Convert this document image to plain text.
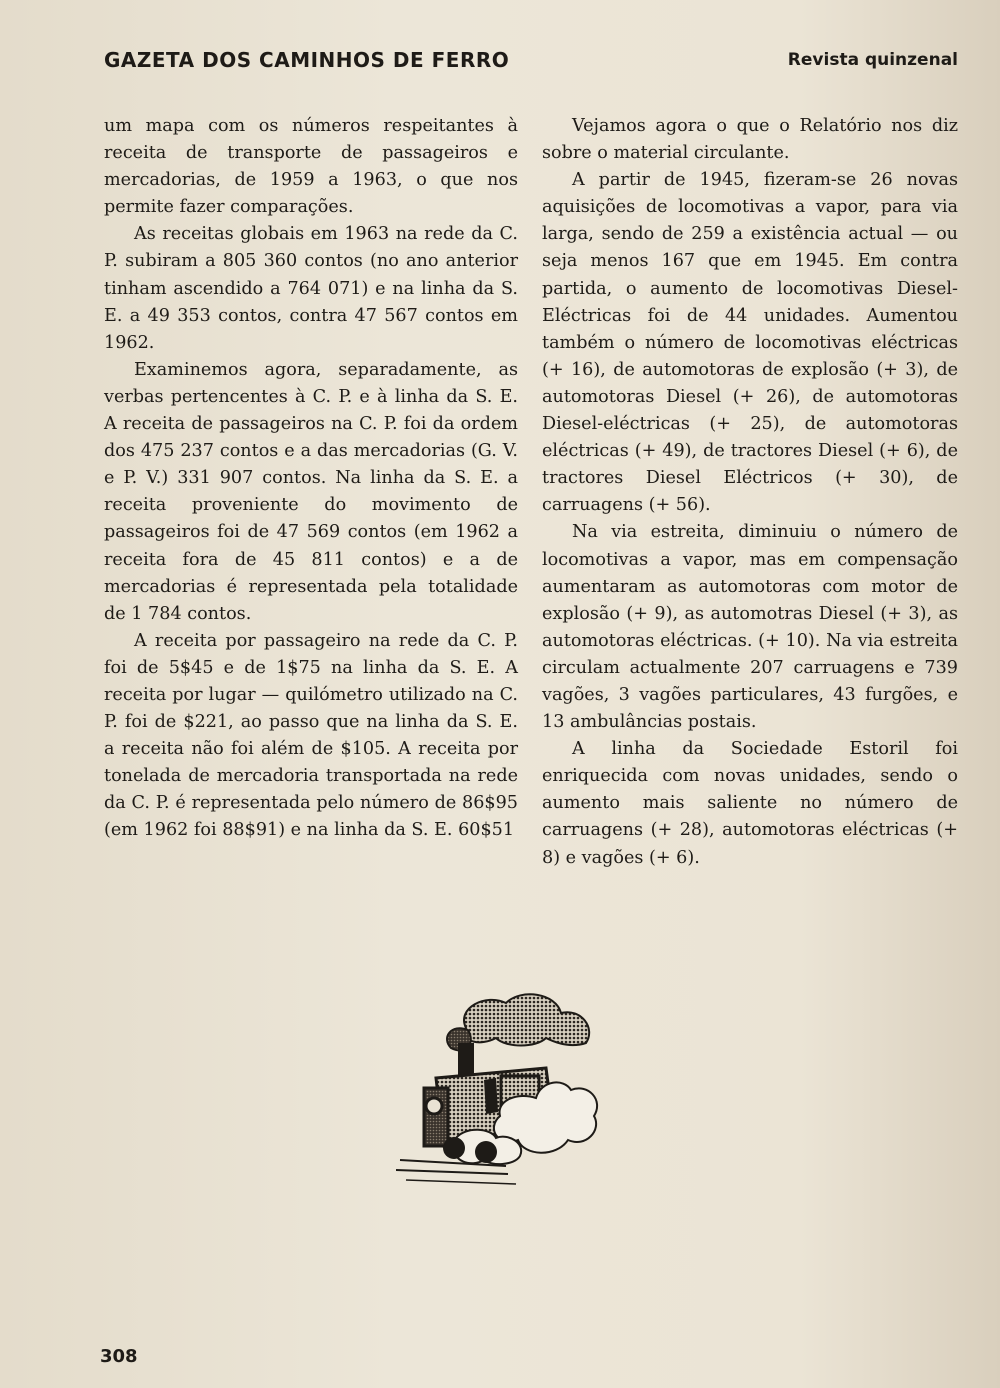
GAZETA DOS CAMINHOS DE FERRO	Revista quinzenal

um mapa com os números respeitantes à receita de transporte de passageiros e mercadorias, de 1959 a 1963, o que nos permite fazer comparações.

As receitas globais em 1963 na rede da C. P. subiram a 805 360 contos (no ano anterior tinham ascendido a 764 071) e na linha da S. E. a 49 353 contos, contra 47 567 contos em 1962.

Examinemos agora, separadamente, as verbas pertencentes à C. P. e à linha da S. E. A receita de passageiros na C. P. foi da ordem dos 475 237 contos e a das mercadorias (G. V. e P. V.) 331 907 contos. Na linha da S. E. a receita proveniente do movimento de passageiros foi de 47 569 contos (em 1962 a receita fora de 45 811 contos) e a de mercadorias é representada pela totalidade de 1 784 contos.

A receita por passageiro na rede da C. P. foi de 5$45 e de 1$75 na linha da S. E. A receita por lugar — quilómetro utilizado na C. P. foi de $221, ao passo que na linha da S. E. a receita não foi além de $105. A receita por tonelada de mercadoria transportada na rede da C. P. é representada pelo número de 86$95 (em 1962 foi 88$91) e na linha da S. E. 60$51

Vejamos agora o que o Relatório nos diz sobre o material circulante.

A partir de 1945, fizeram-se 26 novas aquisições de locomotivas a vapor, para via larga, sendo de 259 a existência actual — ou seja menos 167 que em 1945. Em contra partida, o aumento de locomotivas Diesel-Eléctricas foi de 44 unidades. Aumentou também o número de locomotivas eléctricas (+ 16), de automotoras de explosão (+ 3), de automotoras Diesel (+ 26), de automotoras Diesel-eléctricas (+ 25), de automotoras eléctricas (+ 49), de tractores Diesel (+ 6), de tractores Diesel Eléctricos (+ 30), de carruagens (+ 56).

Na via estreita, diminuiu o número de locomotivas a vapor, mas em compensação aumentaram as automotoras com motor de explosão (+ 9), as automotras Diesel (+ 3), as automotoras eléctricas. (+ 10). Na via estreita circulam actualmente 207 carruagens e 739 vagões, 3 vagões particulares, 43 furgões, e 13 ambulâncias postais.

A linha da Sociedade Estoril foi enriquecida com novas unidades, sendo o aumento mais saliente no número de carruagens (+ 28), automotoras eléctricas (+ 8) e vagões (+ 6).

308
